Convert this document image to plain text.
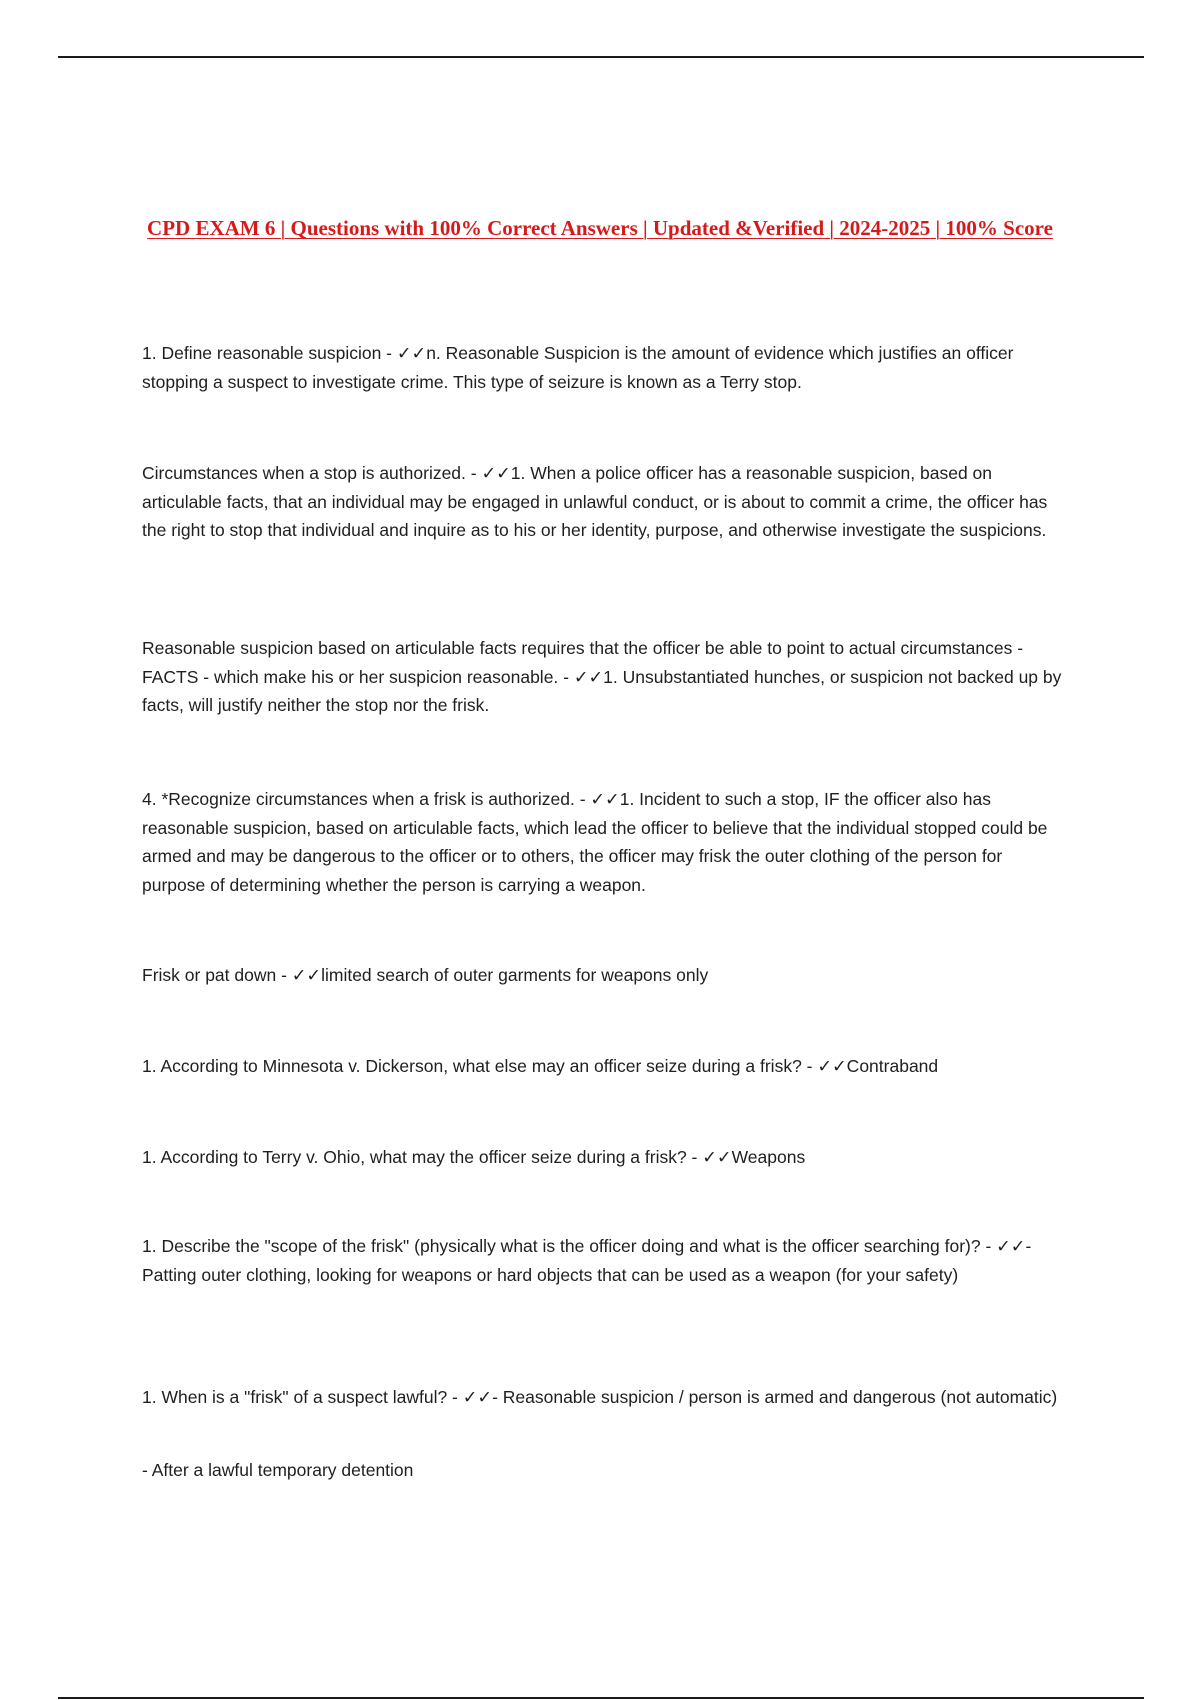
CPD EXAM 6 | Questions with 100% Correct Answers | Updated &Verified | 2024-2025 | 100% Score

1. Define reasonable suspicion - ✓✓n. Reasonable Suspicion is the amount of evidence which justifies an officer stopping a suspect to investigate crime. This type of seizure is known as a Terry stop.

Circumstances when a stop is authorized. - ✓✓1. When a police officer has a reasonable suspicion, based on articulable facts, that an individual may be engaged in unlawful conduct, or is about to commit a crime, the officer has the right to stop that individual and inquire as to his or her identity, purpose, and otherwise investigate the suspicions.

Reasonable suspicion based on articulable facts requires that the officer be able to point to actual circumstances - FACTS - which make his or her suspicion reasonable. - ✓✓1. Unsubstantiated hunches, or suspicion not backed up by facts, will justify neither the stop nor the frisk.

4. *Recognize circumstances when a frisk is authorized. - ✓✓1. Incident to such a stop, IF the officer also has reasonable suspicion, based on articulable facts, which lead the officer to believe that the individual stopped could be armed and may be dangerous to the officer or to others, the officer may frisk the outer clothing of the person for purpose of determining whether the person is carrying a weapon.

Frisk or pat down - ✓✓limited search of outer garments for weapons only

1. According to Minnesota v. Dickerson, what else may an officer seize during a frisk? - ✓✓Contraband

1. According to Terry v. Ohio, what may the officer seize during a frisk? - ✓✓Weapons

1. Describe the "scope of the frisk" (physically what is the officer doing and what is the officer searching for)? - ✓✓- Patting outer clothing, looking for weapons or hard objects that can be used as a weapon (for your safety)

1. When is a "frisk" of a suspect lawful? - ✓✓- Reasonable suspicion / person is armed and dangerous (not automatic)

- After a lawful temporary detention
